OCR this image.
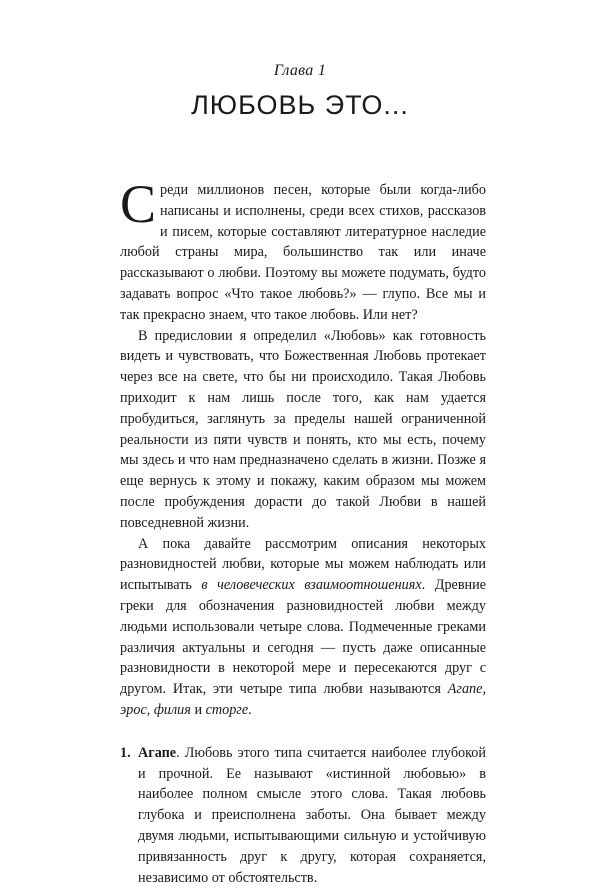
Глава 1
ЛЮБОВЬ ЭТО...

Среди миллионов песен, которые были когда-либо написаны и исполнены, среди всех стихов, рассказов и писем, которые составляют литературное наследие любой страны мира, большинство так или иначе рассказывают о любви. Поэтому вы можете подумать, будто задавать вопрос «Что такое любовь?» — глупо. Все мы и так прекрасно знаем, что такое любовь. Или нет?

В предисловии я определил «Любовь» как готовность видеть и чувствовать, что Божественная Любовь протекает через все на свете, что бы ни происходило. Такая Любовь приходит к нам лишь после того, как нам удается пробудиться, заглянуть за пределы нашей ограниченной реальности из пяти чувств и понять, кто мы есть, почему мы здесь и что нам предназначено сделать в жизни. Позже я еще вернусь к этому и покажу, каким образом мы можем после пробуждения дорасти до такой Любви в нашей повседневной жизни.

А пока давайте рассмотрим описания некоторых разновидностей любви, которые мы можем наблюдать или испытывать в человеческих взаимоотношениях. Древние греки для обозначения разновидностей любви между людьми использовали четыре слова. Подмеченные греками различия актуальны и сегодня — пусть даже описанные разновидности в некоторой мере и пересекаются друг с другом. Итак, эти четыре типа любви называются Агапе, эрос, филия и сторге.

1. Агапе. Любовь этого типа считается наиболее глубокой и прочной. Ее называют «истинной любовью» в наиболее полном смысле этого слова. Такая любовь глубока и преисполнена заботы. Она бывает между двумя людьми, испытывающими сильную и устойчивую привязанность друг к другу, которая сохраняется, независимо от обстоятельств.
